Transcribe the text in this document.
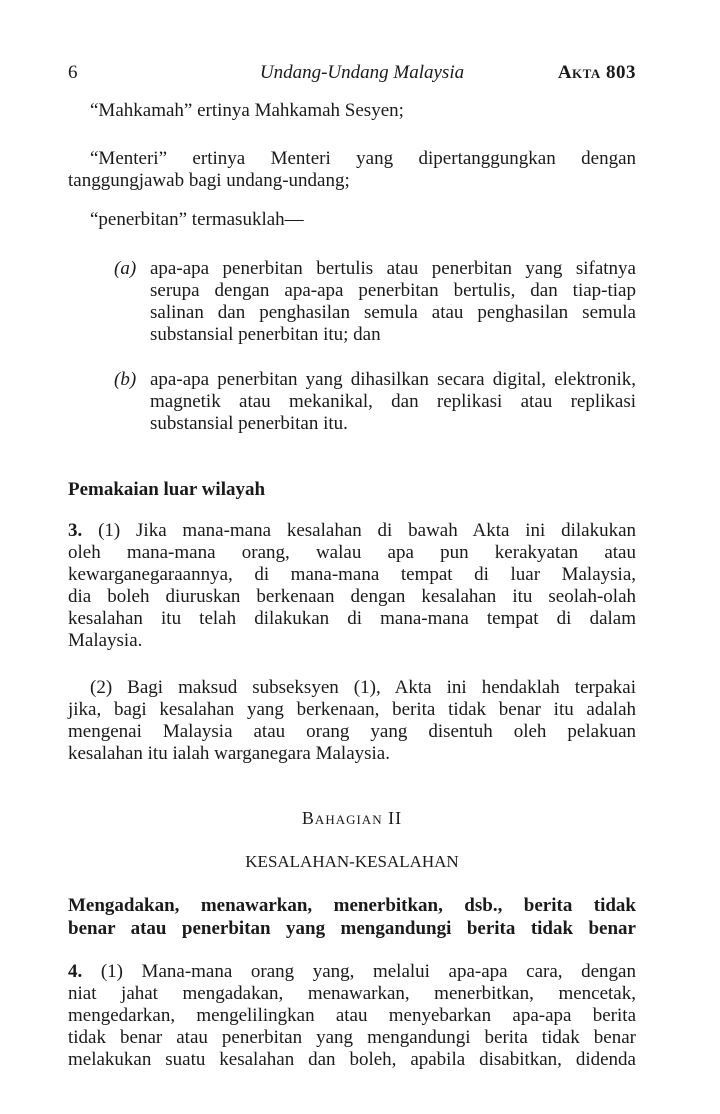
6	Undang-Undang Malaysia	Akta 803
“Mahkamah” ertinya Mahkamah Sesyen;
“Menteri” ertinya Menteri yang dipertanggungkan dengan
tanggungjawab bagi undang-undang;
“penerbitan” termasuklah—
(a) apa-apa penerbitan bertulis atau penerbitan yang sifatnya
serupa dengan apa-apa penerbitan bertulis, dan tiap-tiap
salinan dan penghasilan semula atau penghasilan semula
substansial penerbitan itu; dan
(b) apa-apa penerbitan yang dihasilkan secara digital, elektronik,
magnetik atau mekanikal, dan replikasi atau replikasi
substansial penerbitan itu.
Pemakaian luar wilayah
3. (1) Jika mana-mana kesalahan di bawah Akta ini dilakukan
oleh mana-mana orang, walau apa pun kerakyatan atau
kewarganegaraannya, di mana-mana tempat di luar Malaysia,
dia boleh diuruskan berkenaan dengan kesalahan itu seolah-olah
kesalahan itu telah dilakukan di mana-mana tempat di dalam
Malaysia.
(2) Bagi maksud subseksyen (1), Akta ini hendaklah terpakai
jika, bagi kesalahan yang berkenaan, berita tidak benar itu adalah
mengenai Malaysia atau orang yang disentuh oleh pelakuan
kesalahan itu ialah warganegara Malaysia.
Bahagian II
KESALAHAN-KESALAHAN
Mengadakan, menawarkan, menerbitkan, dsb., berita tidak
benar atau penerbitan yang mengandungi berita tidak benar
4. (1) Mana-mana orang yang, melalui apa-apa cara, dengan
niat jahat mengadakan, menawarkan, menerbitkan, mencetak,
mengedarkan, mengelilingkan atau menyebarkan apa-apa berita
tidak benar atau penerbitan yang mengandungi berita tidak benar
melakukan suatu kesalahan dan boleh, apabila disabitkan, didenda
